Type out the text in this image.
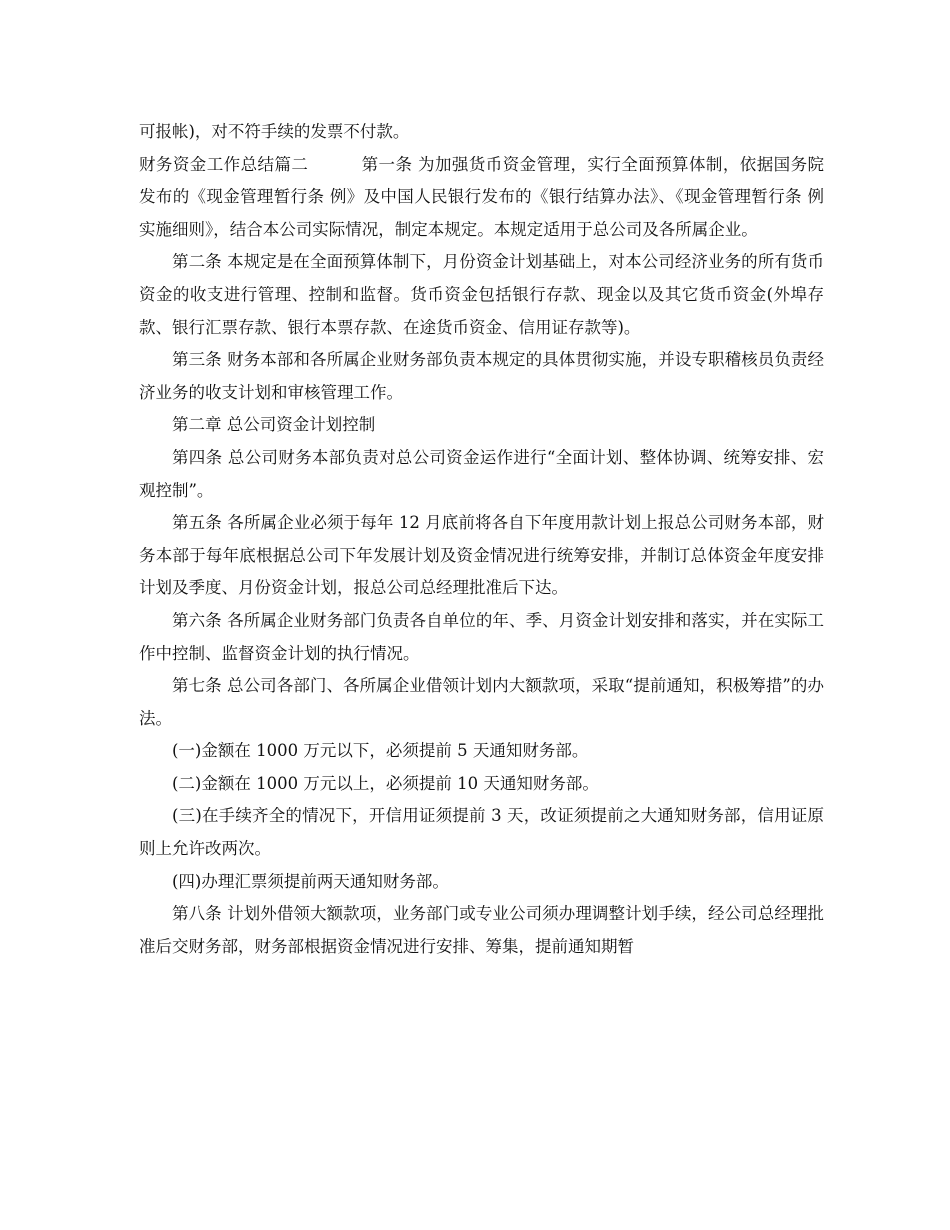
可报帐)，对不符手续的发票不付款。

财务资金工作总结篇二	第一条 为加强货币资金管理，实行全面预算体制，依据国务院发布的《现金管理暂行条 例》及中国人民银行发布的《银行结算办法》、《现金管理暂行条 例实施细则》，结合本公司实际情况，制定本规定。本规定适用于总公司及各所属企业。

第二条 本规定是在全面预算体制下，月份资金计划基础上，对本公司经济业务的所有货币资金的收支进行管理、控制和监督。货币资金包括银行存款、现金以及其它货币资金(外埠存款、银行汇票存款、银行本票存款、在途货币资金、信用证存款等)。

第三条 财务本部和各所属企业财务部负责本规定的具体贯彻实施，并设专职稽核员负责经济业务的收支计划和审核管理工作。

第二章 总公司资金计划控制

第四条 总公司财务本部负责对总公司资金运作进行“全面计划、整体协调、统筹安排、宏观控制”。

第五条 各所属企业必须于每年 12 月底前将各自下年度用款计划上报总公司财务本部，财务本部于每年底根据总公司下年发展计划及资金情况进行统筹安排，并制订总体资金年度安排计划及季度、月份资金计划，报总公司总经理批准后下达。

第六条 各所属企业财务部门负责各自单位的年、季、月资金计划安排和落实，并在实际工作中控制、监督资金计划的执行情况。

第七条 总公司各部门、各所属企业借领计划内大额款项，采取“提前通知，积极筹措”的办法。

(一)金额在 1000 万元以下，必须提前 5 天通知财务部。

(二)金额在 1000 万元以上，必须提前 10 天通知财务部。

(三)在手续齐全的情况下，开信用证须提前 3 天，改证须提前之大通知财务部，信用证原则上允许改两次。

(四)办理汇票须提前两天通知财务部。

第八条 计划外借领大额款项，业务部门或专业公司须办理调整计划手续，经公司总经理批准后交财务部，财务部根据资金情况进行安排、筹集，提前通知期暂
